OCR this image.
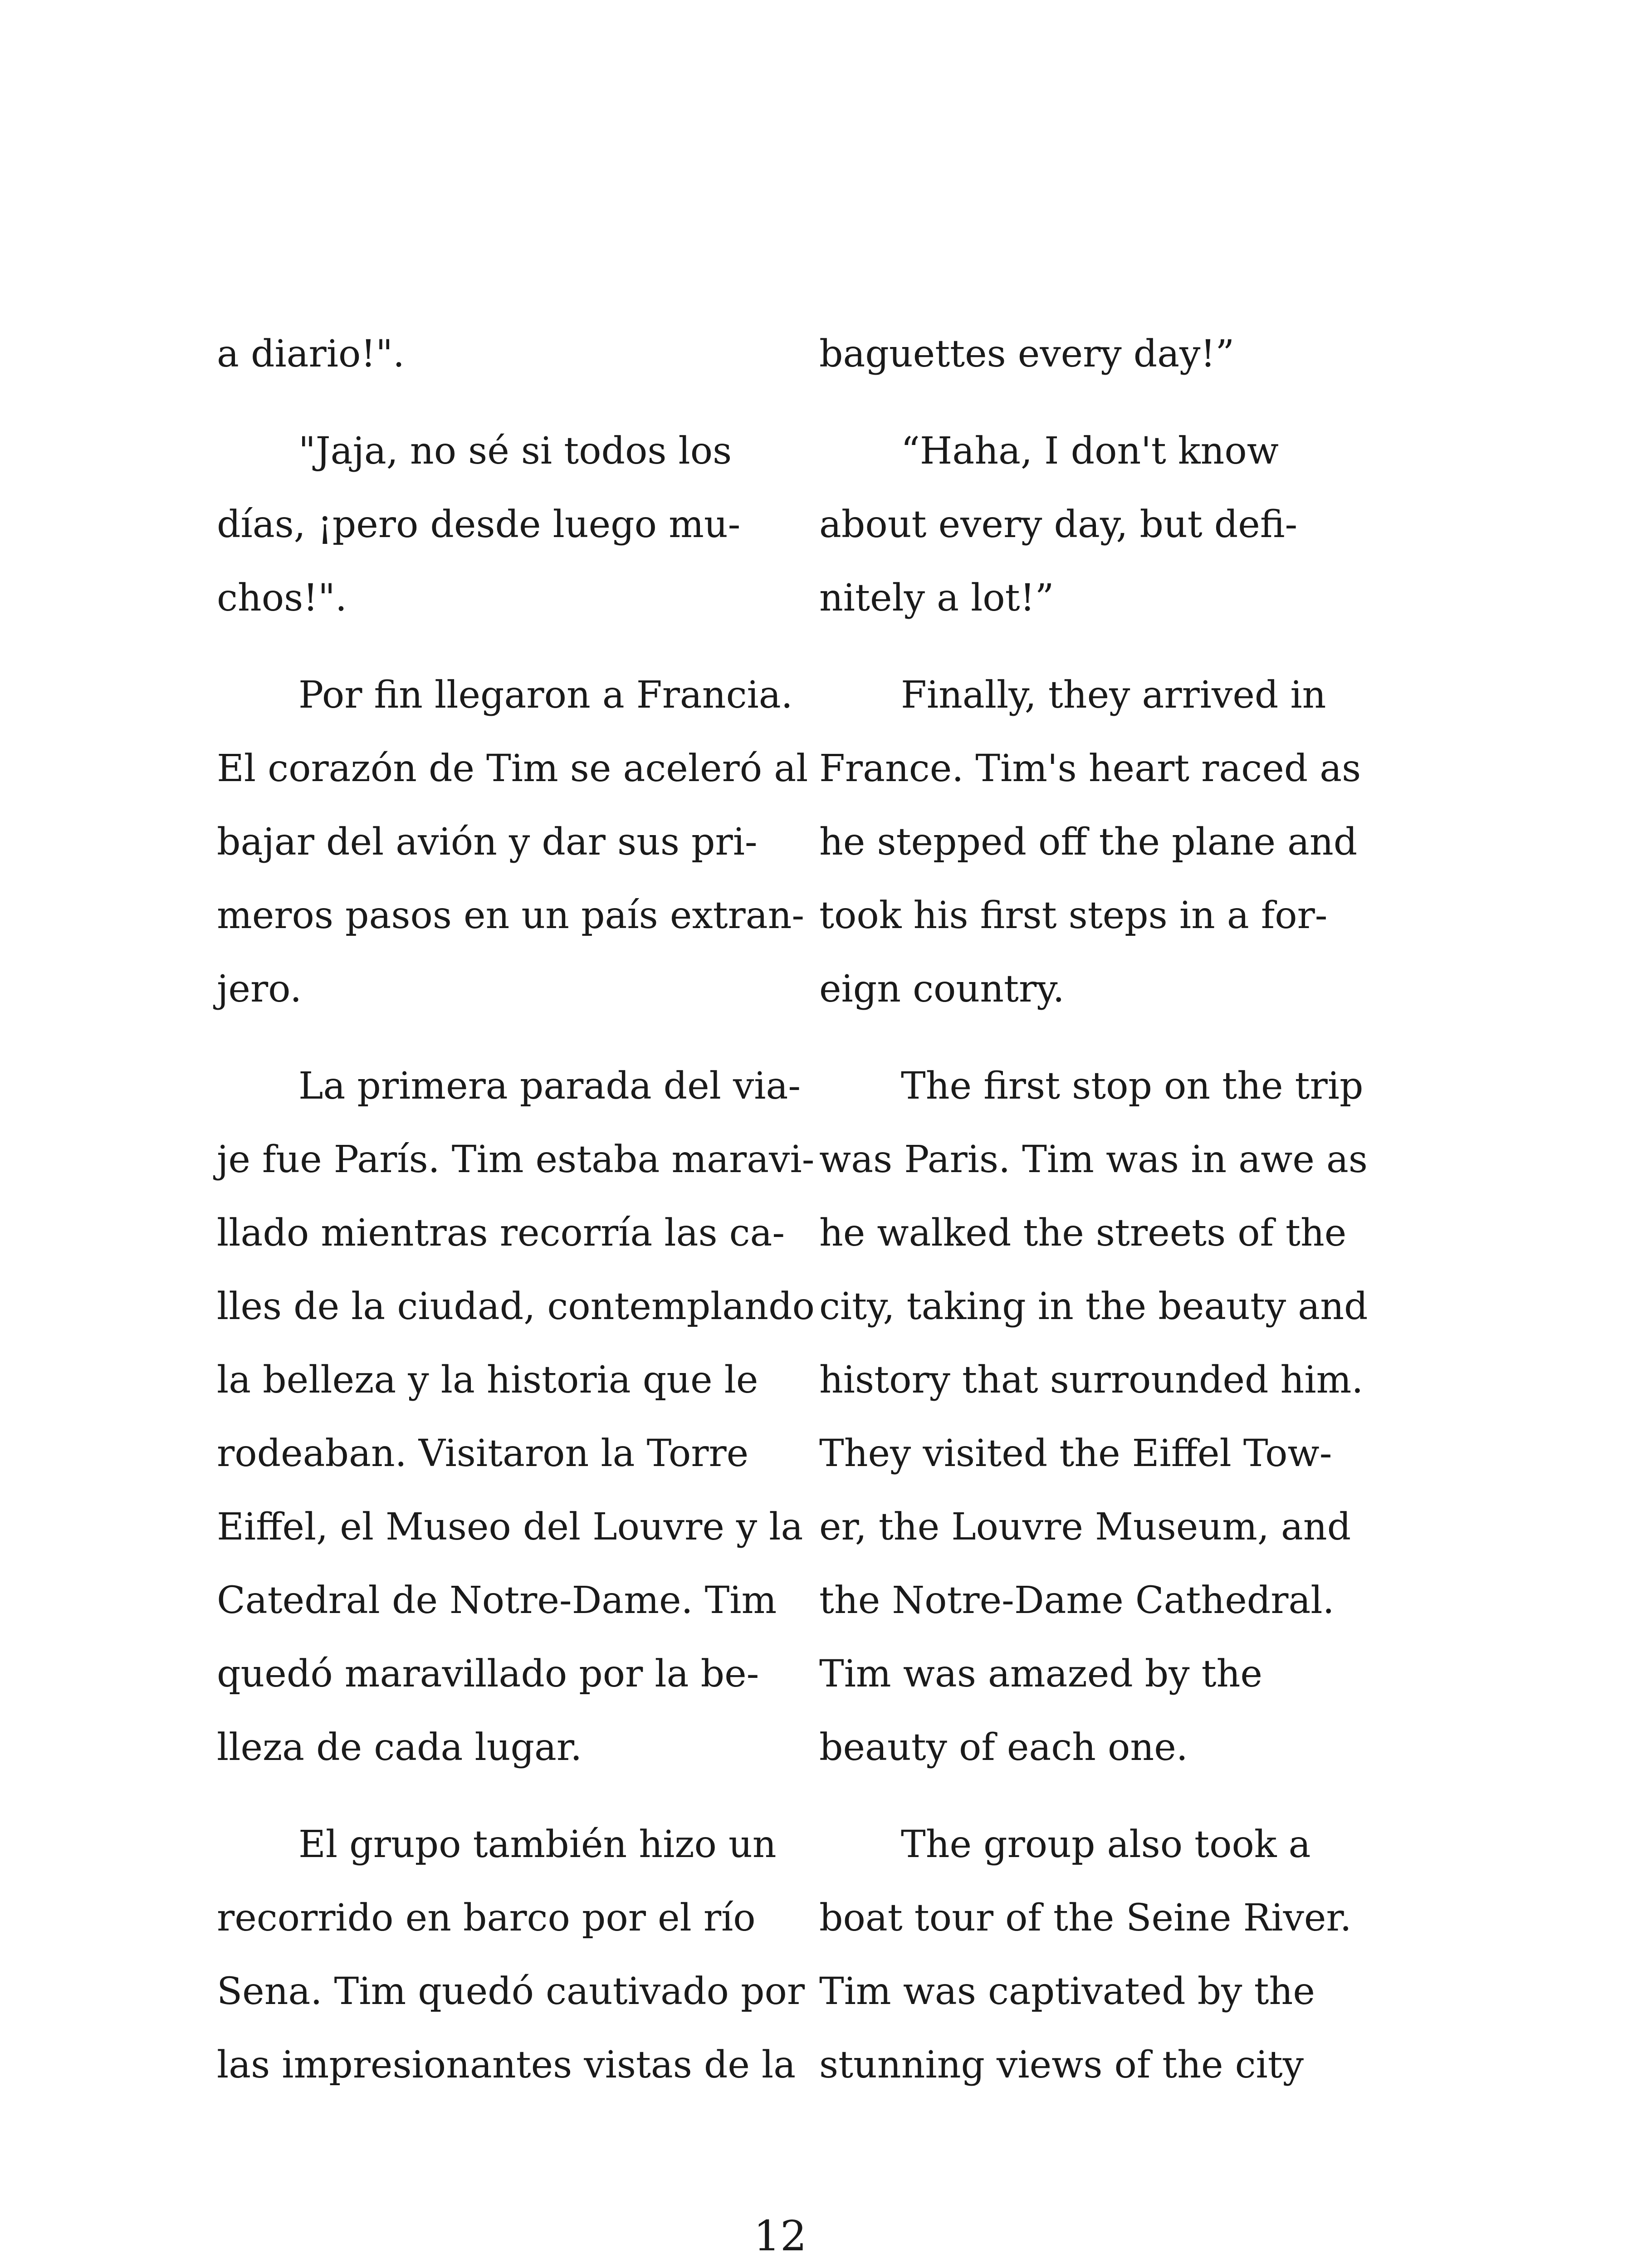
a diario!".
"Jaja, no sé si todos los
días, ¡pero desde luego mu-
chos!".
Por fin llegaron a Francia.
El corazón de Tim se aceleró al
bajar del avión y dar sus pri-
meros pasos en un país extran-
jero.
La primera parada del via-
je fue París. Tim estaba maravi-
llado mientras recorría las ca-
lles de la ciudad, contemplando
la belleza y la historia que le
rodeaban. Visitaron la Torre
Eiffel, el Museo del Louvre y la
Catedral de Notre-Dame. Tim
quedó maravillado por la be-
lleza de cada lugar.
El grupo también hizo un
recorrido en barco por el río
Sena. Tim quedó cautivado por
las impresionantes vistas de la
baguettes every day!”
“Haha, I don't know
about every day, but defi-
nitely a lot!”
Finally, they arrived in
France. Tim's heart raced as
he stepped off the plane and
took his first steps in a for-
eign country.
The first stop on the trip
was Paris. Tim was in awe as
he walked the streets of the
city, taking in the beauty and
history that surrounded him.
They visited the Eiffel Tow-
er, the Louvre Museum, and
the Notre-Dame Cathedral.
Tim was amazed by the
beauty of each one.
The group also took a
boat tour of the Seine River.
Tim was captivated by the
stunning views of the city
12
